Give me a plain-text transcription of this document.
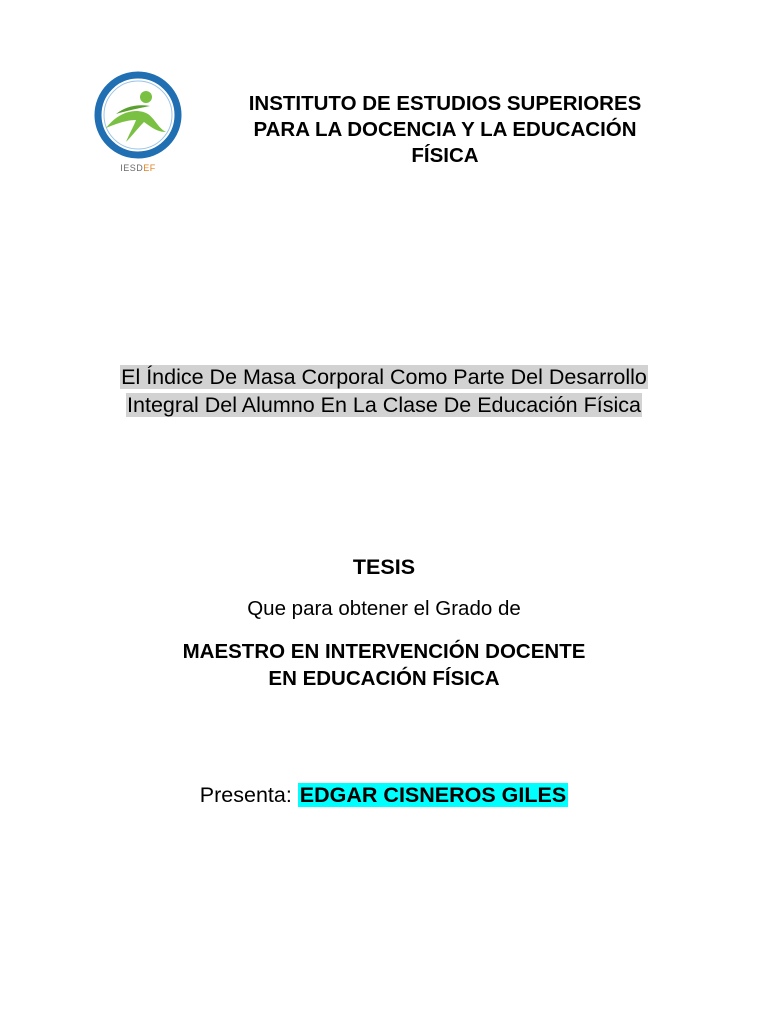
IESDEF
INSTITUTO DE ESTUDIOS SUPERIORES
PARA LA DOCENCIA Y LA EDUCACIÓN
FÍSICA
El Índice De Masa Corporal Como Parte Del Desarrollo
Integral Del Alumno En La Clase De Educación Física
TESIS
Que para obtener el Grado de
MAESTRO EN INTERVENCIÓN DOCENTE
EN EDUCACIÓN FÍSICA
Presenta: EDGAR CISNEROS GILES
